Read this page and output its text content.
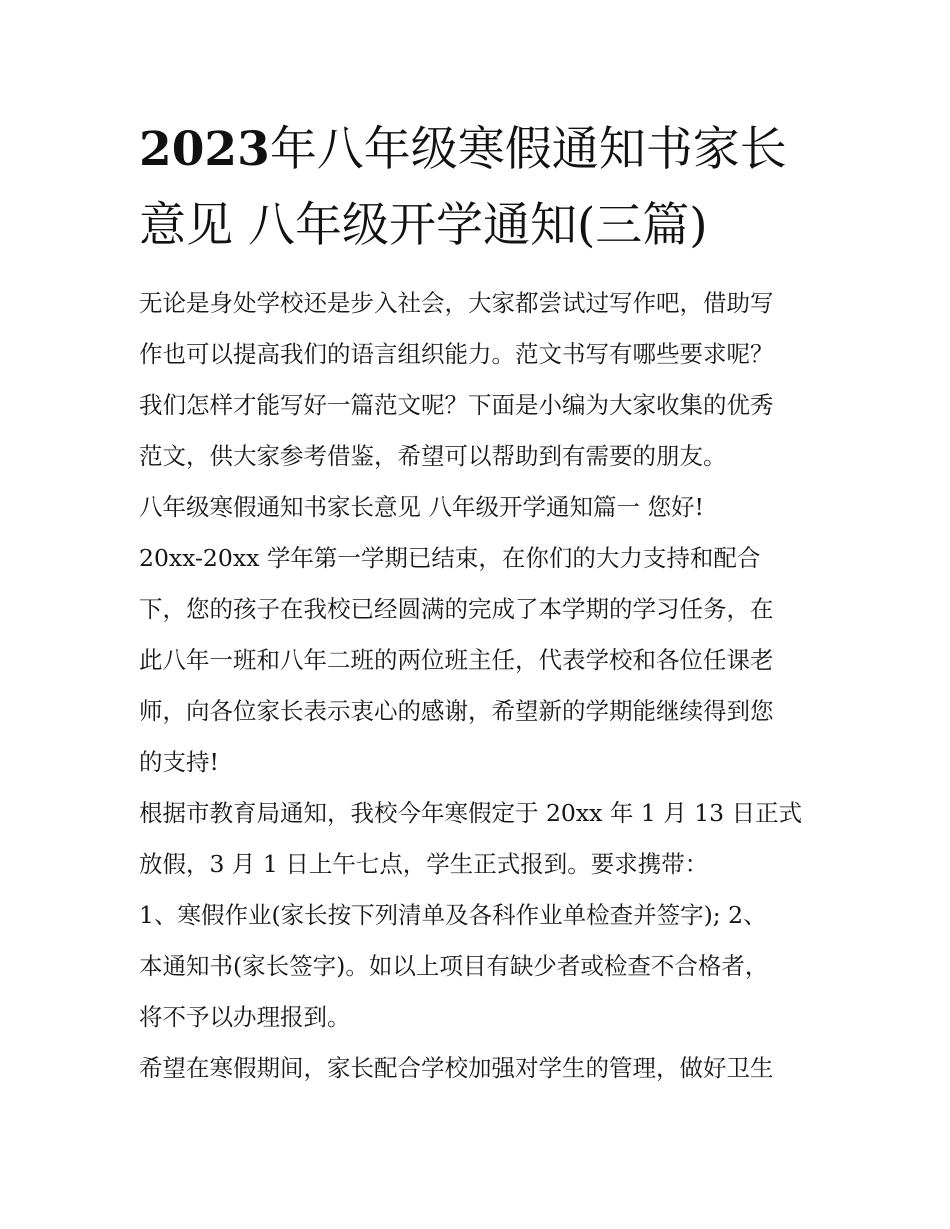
2023年八年级寒假通知书家长
意见 八年级开学通知(三篇)

无论是身处学校还是步入社会，大家都尝试过写作吧，借助写

作也可以提高我们的语言组织能力。范文书写有哪些要求呢？

我们怎样才能写好一篇范文呢？下面是小编为大家收集的优秀

范文，供大家参考借鉴，希望可以帮助到有需要的朋友。

八年级寒假通知书家长意见 八年级开学通知篇一 您好!

20xx-20xx 学年第一学期已结束，在你们的大力支持和配合

下，您的孩子在我校已经圆满的完成了本学期的学习任务，在

此八年一班和八年二班的两位班主任，代表学校和各位任课老

师，向各位家长表示衷心的感谢，希望新的学期能继续得到您

的支持!

根据市教育局通知，我校今年寒假定于 20xx 年 1 月 13 日正式

放假，3 月 1 日上午七点，学生正式报到。要求携带：

1、寒假作业(家长按下列清单及各科作业单检查并签字); 2、

本通知书(家长签字)。如以上项目有缺少者或检查不合格者，

将不予以办理报到。

希望在寒假期间，家长配合学校加强对学生的管理，做好卫生
